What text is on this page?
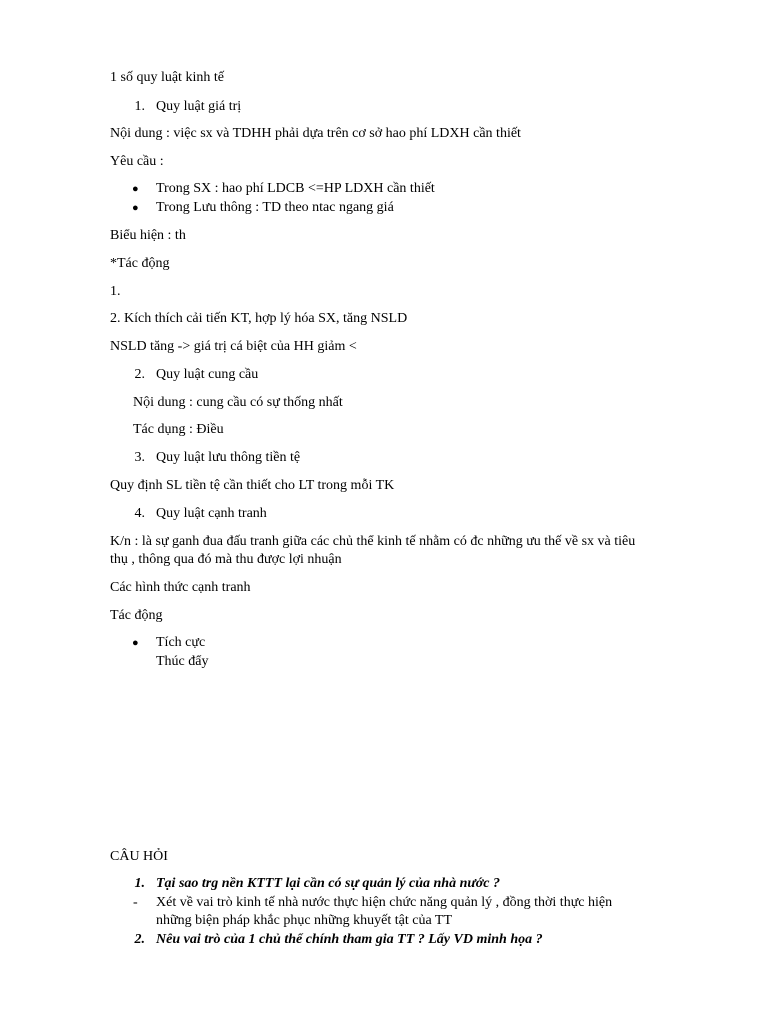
1 số quy luật kinh tế
1. Quy luật giá trị
Nội dung : việc sx và TDHH phải dựa trên cơ sở hao phí LDXH cần thiết
Yêu cầu :
● Trong SX : hao phí LDCB <=HP LDXH cần thiết
● Trong Lưu thông : TD theo ntac ngang giá
Biểu hiện : th
*Tác động
1.
2. Kích thích cải tiến KT, hợp lý hóa SX, tăng NSLD
NSLD tăng -> giá trị cá biệt của HH giảm <
2. Quy luật cung cầu
Nội dung : cung cầu có sự thống nhất
Tác dụng : Điều
3. Quy luật lưu thông tiền tệ
Quy định SL tiền tệ cần thiết cho LT trong mỗi TK
4. Quy luật cạnh tranh
K/n : là sự ganh đua đấu tranh giữa các chủ thể kinh tế nhằm có đc những ưu thế về sx và tiêu
thụ , thông qua đó mà thu được lợi nhuận
Các hình thức cạnh tranh
Tác động
● Tích cực
Thúc đẩy
CÂU HỎI
1. Tại sao trg nền KTTT lại cần có sự quản lý của nhà nước ?
- Xét về vai trò kinh tế nhà nước thực hiện chức năng quản lý , đồng thời thực hiện
những biện pháp khắc phục những khuyết tật của TT
2. Nêu vai trò của 1 chủ thể chính tham gia TT ? Lấy VD minh họa ?
